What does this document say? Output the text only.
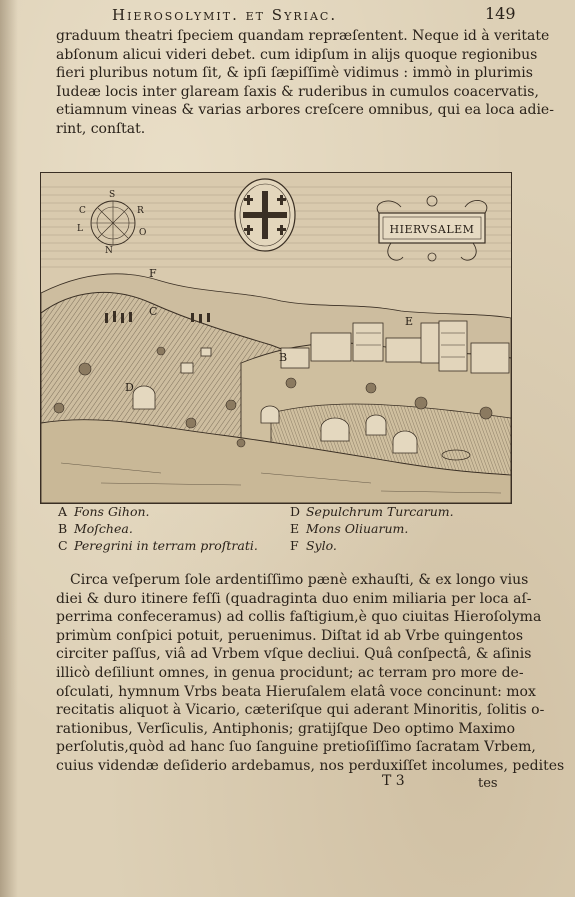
Hierosolymit. et Syriac.	149

graduum theatri ſpeciem quandam repræſentent. Neque id à veritate
abſonum alicui videri debet. cum idipſum in alijs quoque regionibus
fieri pluribus notum ſit, & ipſi ſæpiſſimè vidimus : immò in plurimis
Iudeæ locis inter glaream ſaxis & ruderibus in cumulos coacervatis,
etiamnum vineas & varias arbores creſcere omnibus, qui ea loca adie-
rint, conſtat.

C
S
L
N
R
O	HIERVSALEM
F
C
B
D
E
A Fons Gihon.
B Moſchea.
C Peregrini in terram proſtrati.
D Sepulchrum Turcarum.
E Mons Oliuarum.
F Sylo.

Circa veſperum ſole ardentiſſimo pænè exhauſti, & ex longo vius
diei & duro itinere feſſi (quadraginta duo enim miliaria per loca aſ-
perrima confeceramus) ad collis faſtigium,è quo ciuitas Hieroſolyma
primùm conſpici potuit, peruenimus. Diſtat id ab Vrbe quingentos
circiter paſſus, viâ ad Vrbem vſque decliui. Quâ conſpectâ, & aſinis
illicò deſiliunt omnes, in genua procidunt; ac terram pro more de-
oſculati, hymnum Vrbs beata Hieruſalem elatâ voce concinunt: mox
recitatis aliquot à Vicario, cæteriſque qui aderant Minoritis, ſolitis o-
rationibus, Verſiculis, Antiphonis; gratijſque Deo optimo Maximo
perſolutis,quòd ad hanc ſuo ſanguine pretioſiſſimo ſacratam Vrbem,
cuius videndæ deſiderio ardebamus, nos perduxiſſet incolumes, pedites

T 3	tes
